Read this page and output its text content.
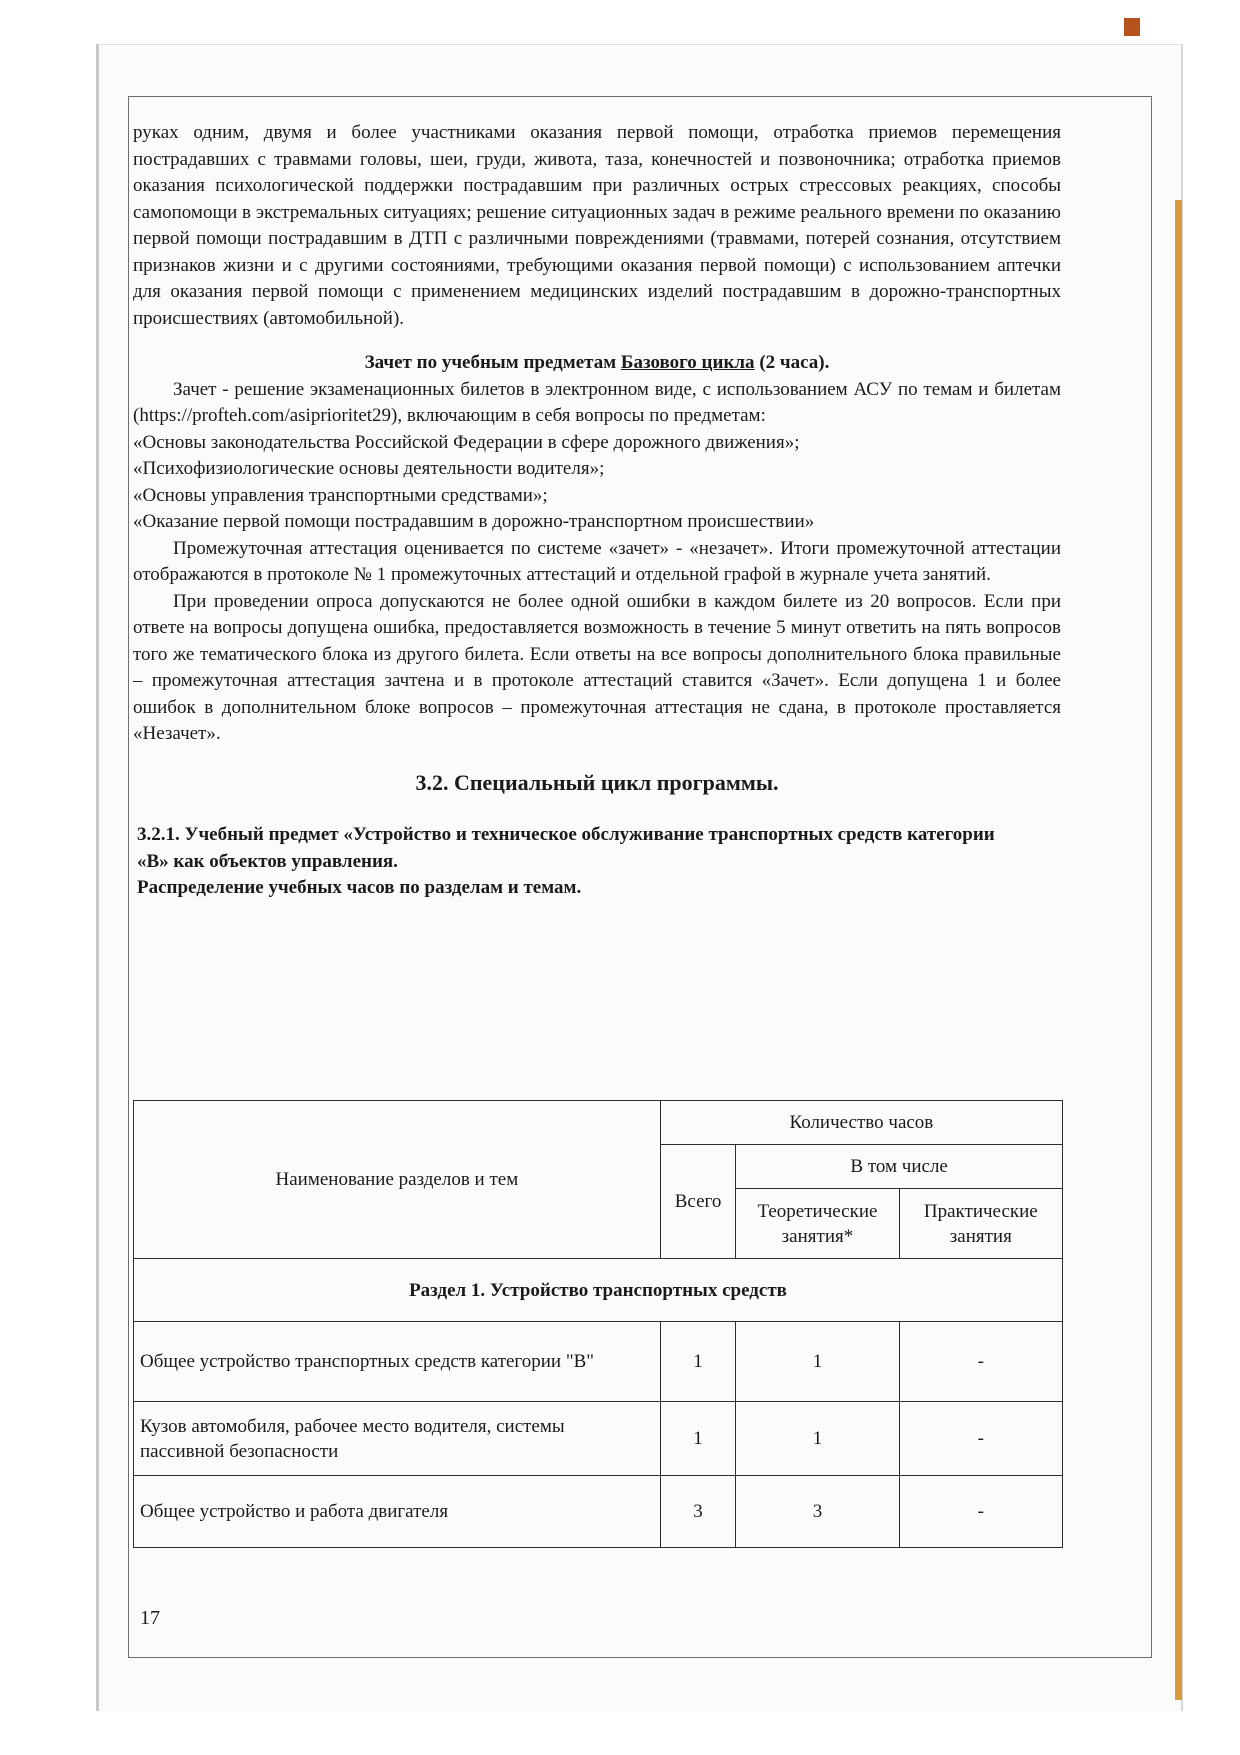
руках одним, двумя и более участниками оказания первой помощи, отработка приемов перемещения пострадавших с травмами головы, шеи, груди, живота, таза, конечностей и позвоночника; отработка приемов оказания психологической поддержки пострадавшим при различных острых стрессовых реакциях, способы самопомощи в экстремальных ситуациях; решение ситуационных задач в режиме реального времени по оказанию первой помощи пострадавшим в ДТП с различными повреждениями (травмами, потерей сознания, отсутствием признаков жизни и с другими состояниями, требующими оказания первой помощи) с использованием аптечки для оказания первой помощи с применением медицинских изделий пострадавшим в дорожно-транспортных происшествиях (автомобильной).

Зачет по учебным предметам Базового цикла (2 часа).

Зачет - решение экзаменационных билетов в электронном виде, с использованием АСУ по темам и билетам (https://profteh.com/asiprioritet29), включающим в себя вопросы по предметам:

«Основы законодательства Российской Федерации в сфере дорожного движения»;

«Психофизиологические основы деятельности водителя»;

«Основы управления транспортными средствами»;

«Оказание первой помощи пострадавшим в дорожно-транспортном происшествии»

Промежуточная аттестация оценивается по системе «зачет» - «незачет». Итоги промежуточной аттестации отображаются в протоколе № 1 промежуточных аттестаций и отдельной графой в журнале учета занятий.

При проведении опроса допускаются не более одной ошибки в каждом билете из 20 вопросов. Если при ответе на вопросы допущена ошибка, предоставляется возможность в течение 5 минут ответить на пять вопросов того же тематического блока из другого билета. Если ответы на все вопросы дополнительного блока правильные – промежуточная аттестация зачтена и в протоколе аттестаций ставится «Зачет». Если допущена 1 и более ошибок в дополнительном блоке вопросов – промежуточная аттестация не сдана, в протоколе проставляется «Незачет».

3.2. Специальный цикл программы.

3.2.1. Учебный предмет «Устройство и техническое обслуживание транспортных средств категории «В» как объектов управления.
Распределение учебных часов по разделам и темам.
Наименование разделов и тем	Количество часов		
	Всего	В том числе	
		Теоретические занятия*	Практические занятия
Раздел 1. Устройство транспортных средств			
Общее устройство транспортных средств категории "В"	1	1	-
Кузов автомобиля, рабочее место водителя, системы пассивной безопасности	1	1	-
Общее устройство и работа двигателя	3	3	-
17
